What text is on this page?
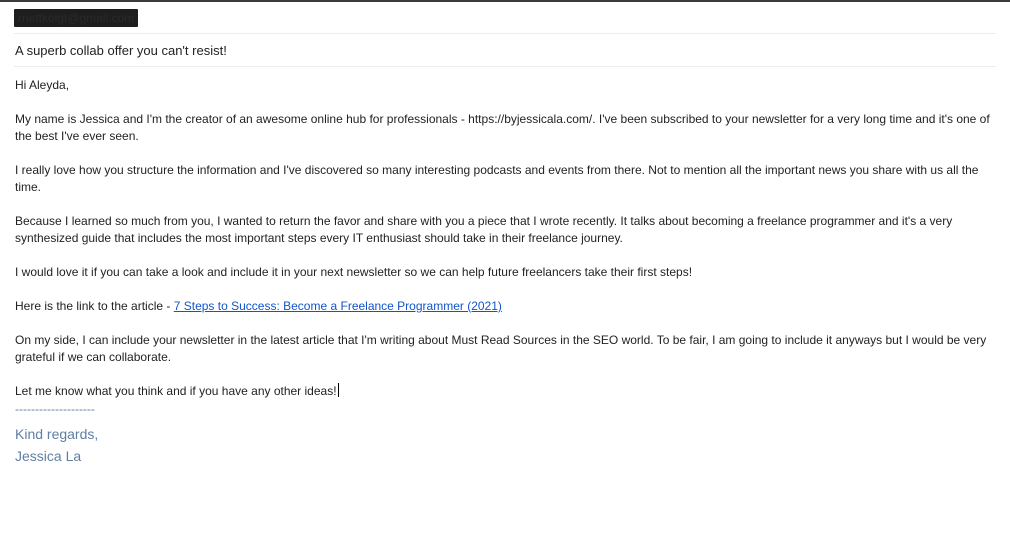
rnettkolgt@gmail.com
A superb collab offer you can't resist!

Hi Aleyda,

My name is Jessica and I'm the creator of an awesome online hub for professionals - https://byjessicala.com/. I've been subscribed to your newsletter for a very long time and it's one of the best I've ever seen.

I really love how you structure the information and I've discovered so many interesting podcasts and events from there. Not to mention all the important news you share with us all the time.

Because I learned so much from you, I wanted to return the favor and share with you a piece that I wrote recently. It talks about becoming a freelance programmer and it's a very synthesized guide that includes the most important steps every IT enthusiast should take in their freelance journey.

I would love it if you can take a look and include it in your next newsletter so we can help future freelancers take their first steps!

Here is the link to the article - 7 Steps to Success: Become a Freelance Programmer (2021)

On my side, I can include your newsletter in the latest article that I'm writing about Must Read Sources in the SEO world. To be fair, I am going to include it anyways but I would be very grateful if we can collaborate.

Let me know what you think and if you have any other ideas!

--------------------
Kind regards,
Jessica La
